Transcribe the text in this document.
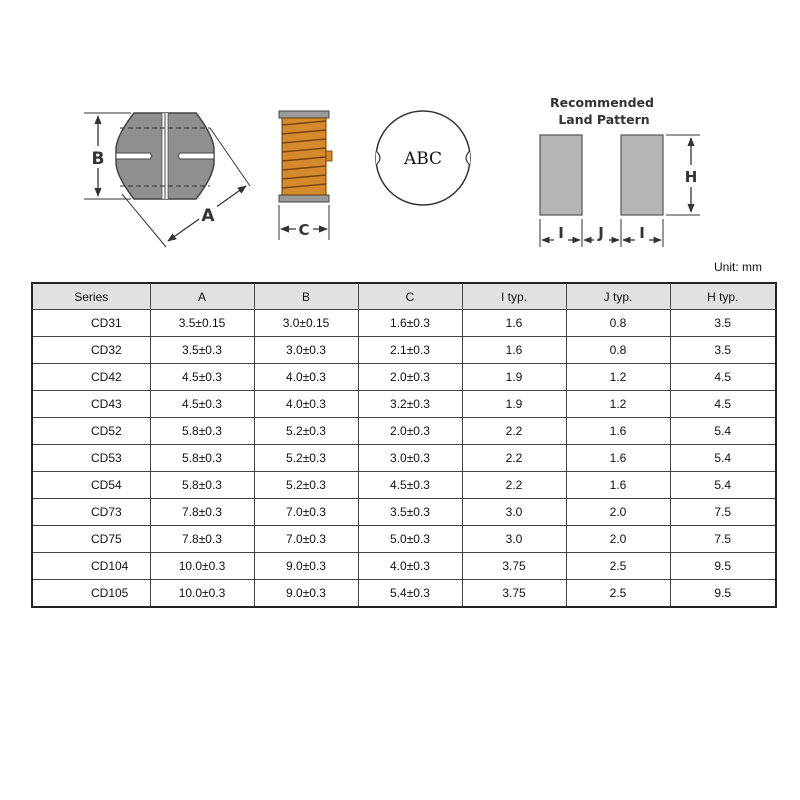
B
A
C
ABC
Recommended
Land Pattern
H
I J I
Unit: mm
Series	A	B	C	I typ.	J typ.	H typ.
CD31	3.5±0.15	3.0±0.15	1.6±0.3	1.6	0.8	3.5
CD32	3.5±0.3	3.0±0.3	2.1±0.3	1.6	0.8	3.5
CD42	4.5±0.3	4.0±0.3	2.0±0.3	1.9	1.2	4.5
CD43	4.5±0.3	4.0±0.3	3.2±0.3	1.9	1.2	4.5
CD52	5.8±0.3	5.2±0.3	2.0±0.3	2.2	1.6	5.4
CD53	5.8±0.3	5.2±0.3	3.0±0.3	2.2	1.6	5.4
CD54	5.8±0.3	5.2±0.3	4.5±0.3	2.2	1.6	5.4
CD73	7.8±0.3	7.0±0.3	3.5±0.3	3.0	2.0	7.5
CD75	7.8±0.3	7.0±0.3	5.0±0.3	3.0	2.0	7.5
CD104	10.0±0.3	9.0±0.3	4.0±0.3	3.75	2.5	9.5
CD105	10.0±0.3	9.0±0.3	5.4±0.3	3.75	2.5	9.5
